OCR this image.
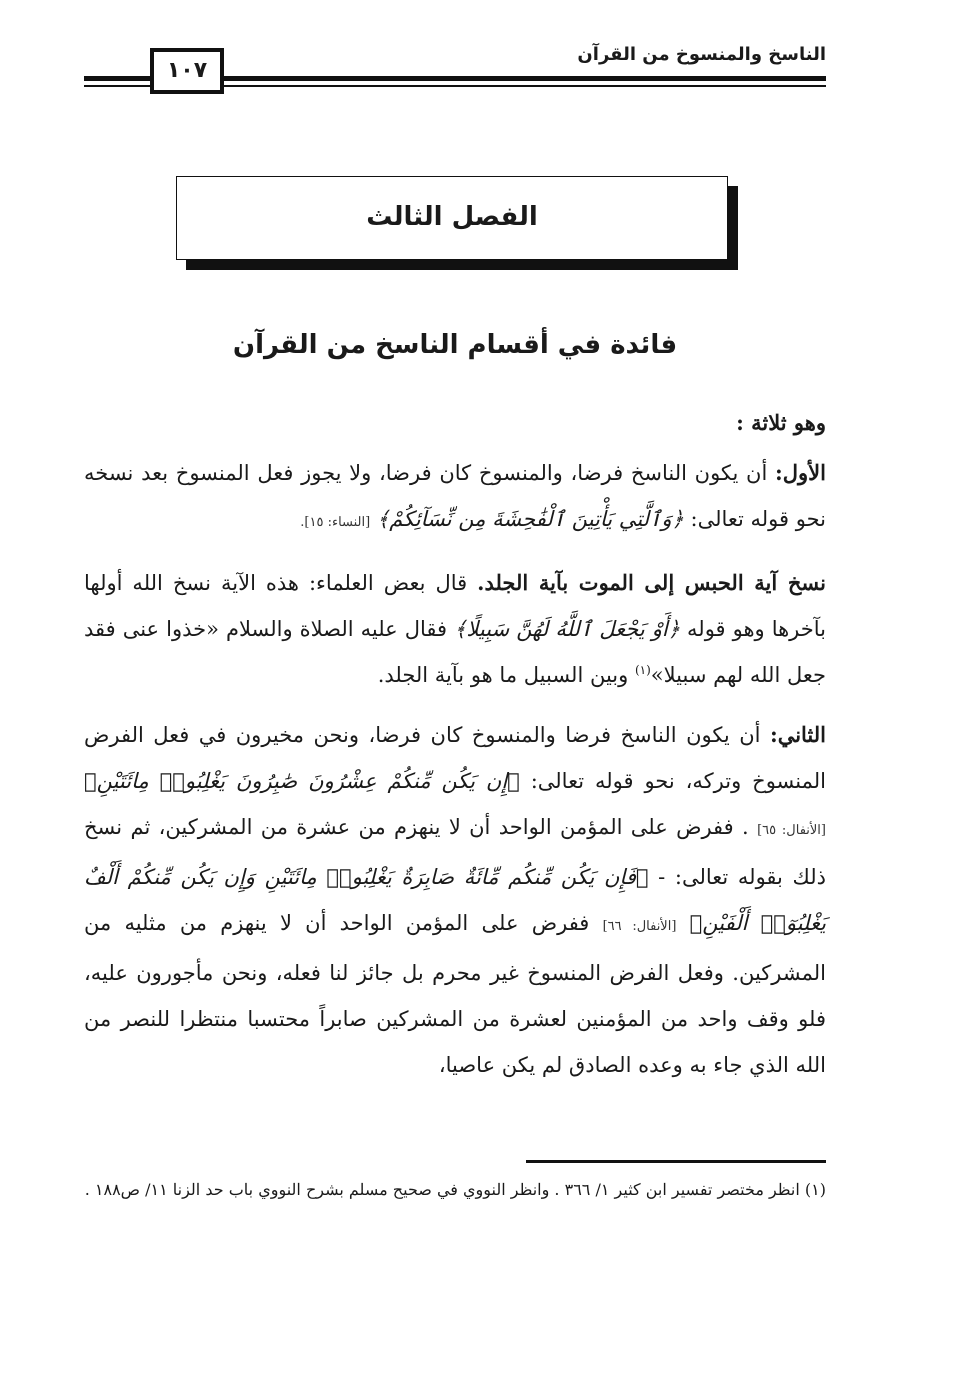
الناسخ والمنسوخ من القرآن
١٠٧
الفصل الثالث
فائدة في أقسام الناسخ من القرآن

وهو ثلاثة :

الأول: أن يكون الناسخ فرضا، والمنسوخ كان فرضا، ولا يجوز فعل المنسوخ بعد نسخه نحو قوله تعالى: ﴿وَٱلَّتِي يَأْتِينَ ٱلْفَٰحِشَةَ مِن نِّسَآئِكُمْ﴾ [النساء: ١٥].

نسخ آية الحبس إلى الموت بآية الجلد. قال بعض العلماء: هذه الآية نسخ الله أولها بآخرها وهو قوله ﴿أَوْ يَجْعَلَ ٱللَّهُ لَهُنَّ سَبِيلًا﴾ فقال عليه الصلاة والسلام «خذوا عنى فقد جعل الله لهم سبيلا»$^{(١)}$ وبين السبيل ما هو بآية الجلد.

الثاني: أن يكون الناسخ فرضا والمنسوخ كان فرضا، ونحن مخيرون في فعل الفرض المنسوخ وتركه، نحو قوله تعالى: ﴿إِن يَكُن مِّنكُمْ عِشْرُونَ صَٰبِرُونَ يَغْلِبُوا۟ مِائَتَيْنِ﴾ [الأنفال: ٦٥] . ففرض على المؤمن الواحد أن لا ينهزم من عشرة من المشركين، ثم نسخ ذلك بقوله تعالى: - ﴿فَإِن يَكُن مِّنكُم مِّائَةٌ صَابِرَةٌ يَغْلِبُوا۟ مِائَتَيْنِ وَإِن يَكُن مِّنكُمْ أَلْفٌ يَغْلِبُوٓا۟ أَلْفَيْنِ﴾ [الأنفال: ٦٦] ففرض على المؤمن الواحد أن لا ينهزم من مثليه من المشركين. وفعل الفرض المنسوخ غير محرم بل جائز لنا فعله، ونحن مأجورون عليه، فلو وقف واحد من المؤمنين لعشرة من المشركين صابراً محتسبا منتظرا للنصر من الله الذي جاء به وعده الصادق لم يكن عاصيا،

(١) انظر مختصر تفسير ابن كثير ١/ ٣٦٦ . وانظر النووي في صحيح مسلم بشرح النووي باب حد الزنا ١١/ ص١٨٨ .
